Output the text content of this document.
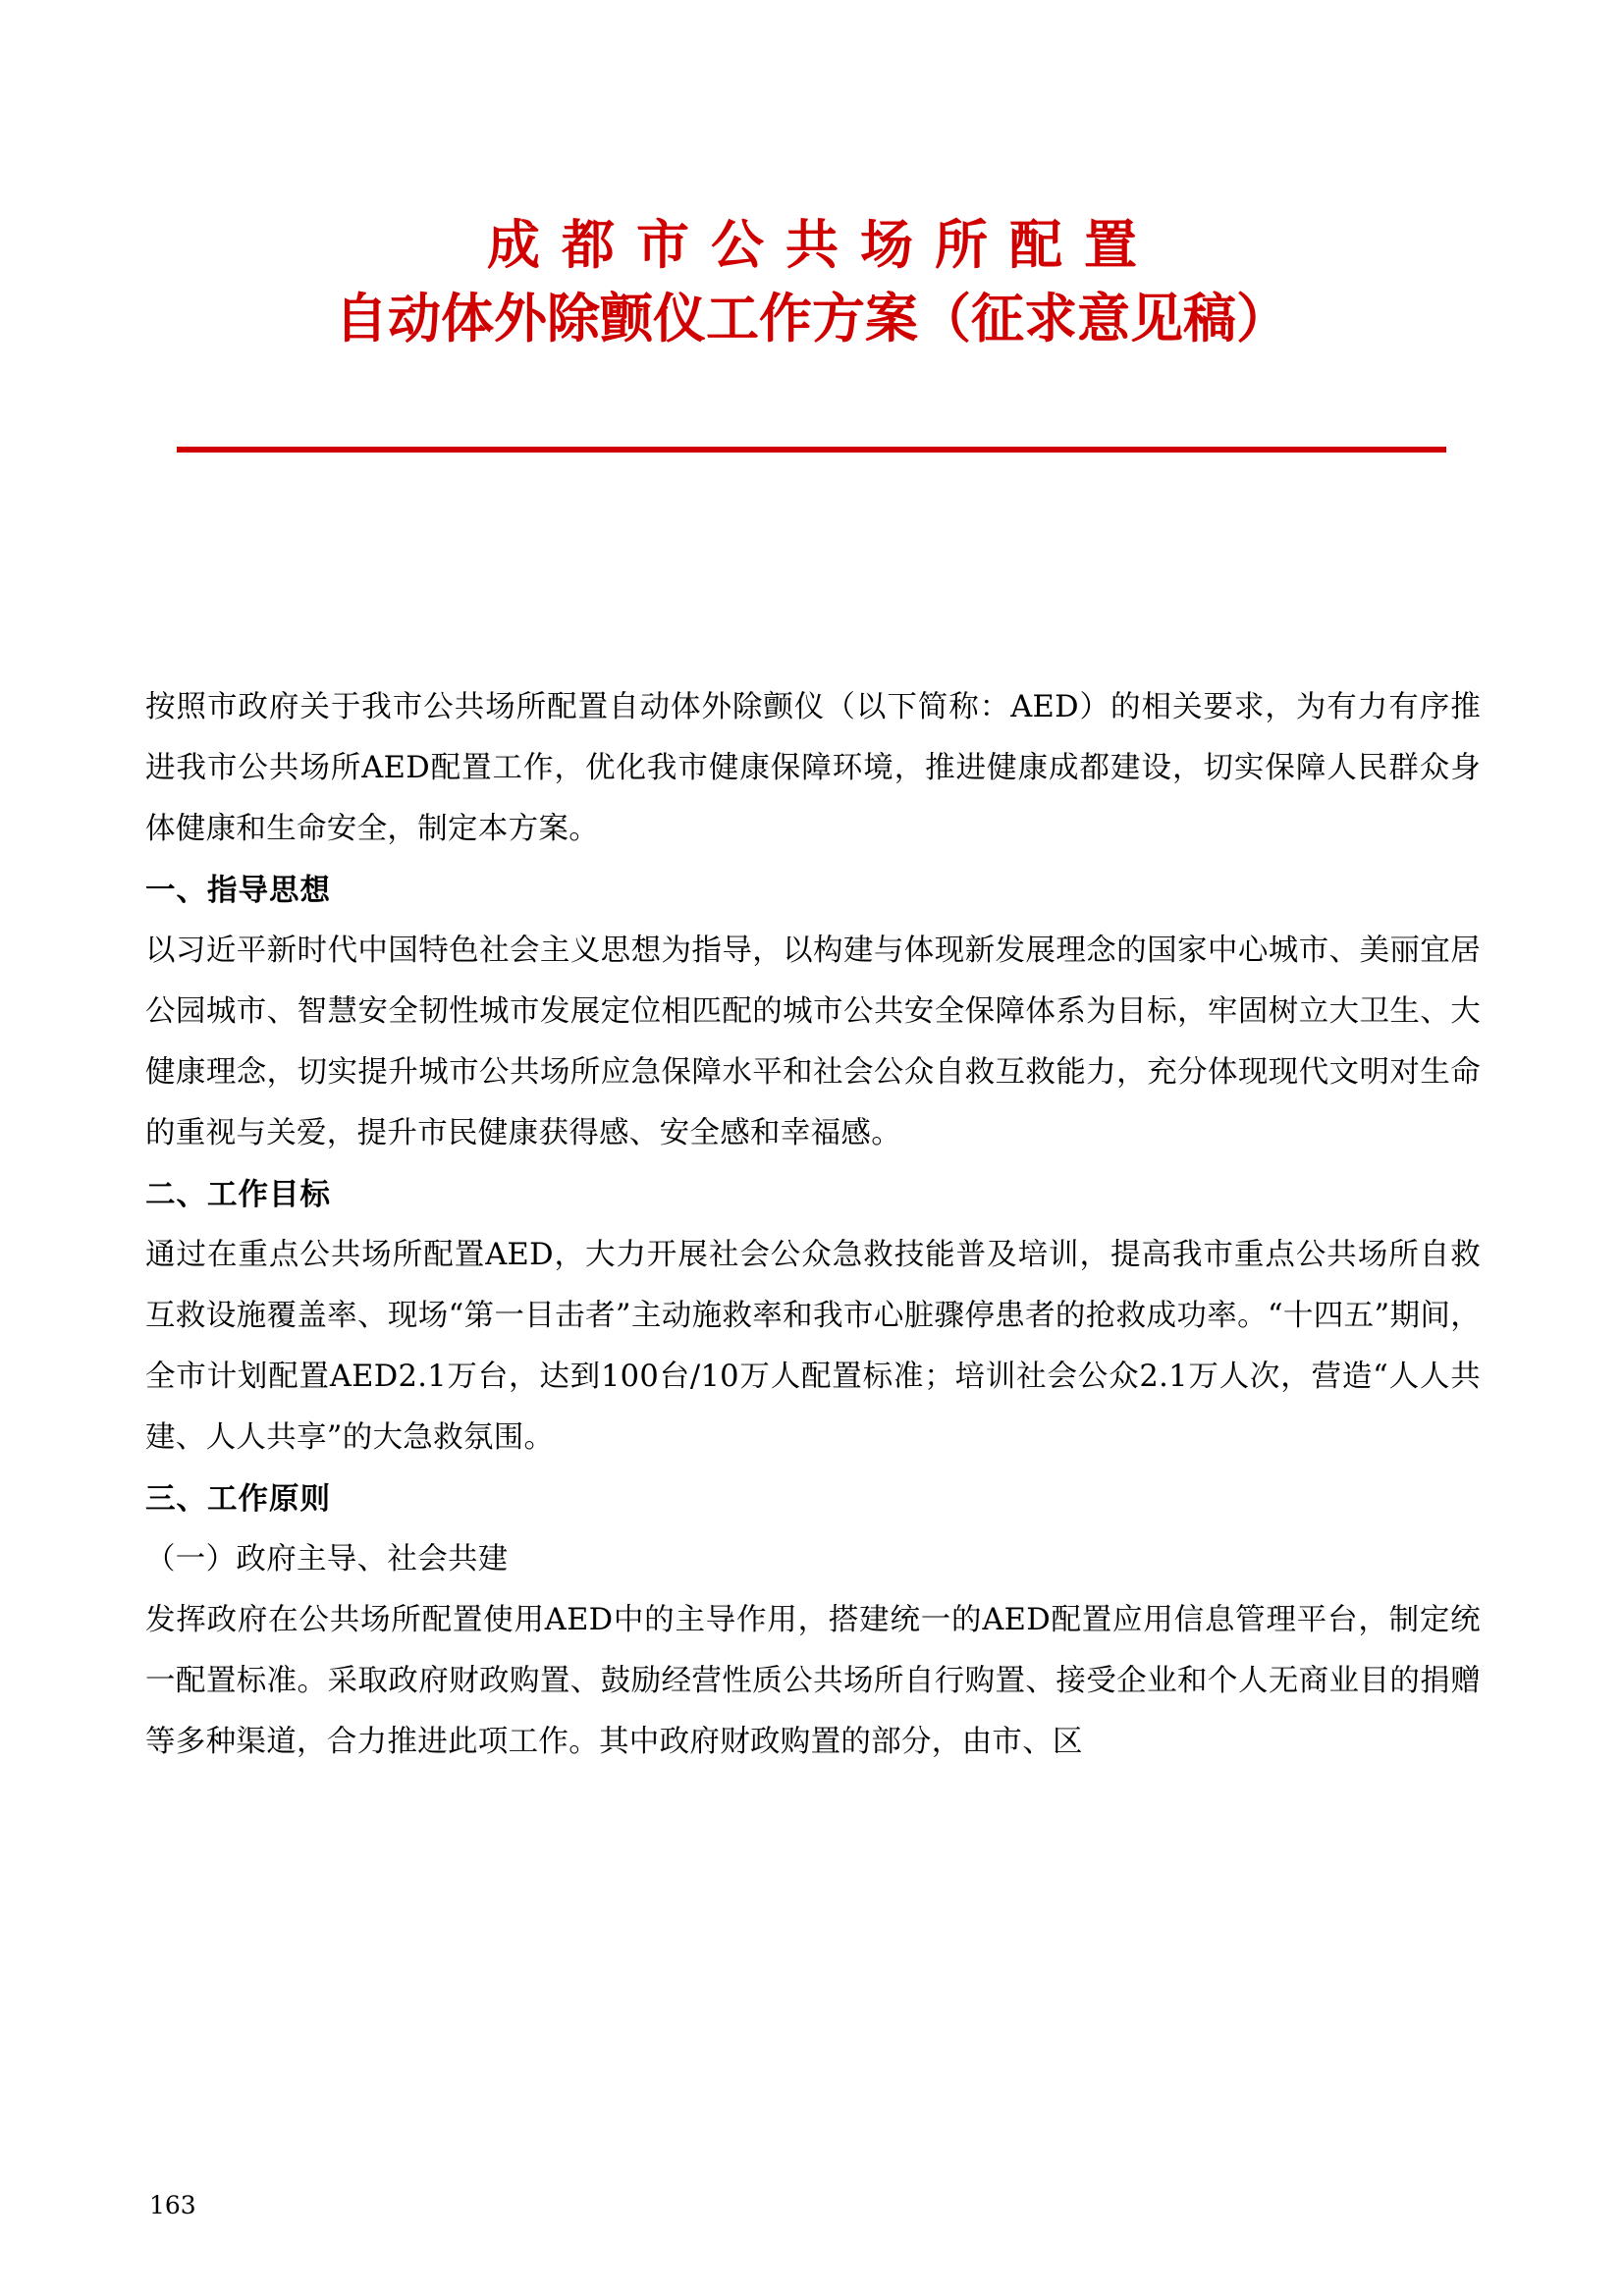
成都市公共场所配置
自动体外除颤仪工作方案（征求意见稿）

按照市政府关于我市公共场所配置自动体外除颤仪（以下简称：AED）的相关要求，为有力有序推进我市公共场所AED配置工作，优化我市健康保障环境，推进健康成都建设，切实保障人民群众身体健康和生命安全，制定本方案。

一、指导思想

以习近平新时代中国特色社会主义思想为指导，以构建与体现新发展理念的国家中心城市、美丽宜居公园城市、智慧安全韧性城市发展定位相匹配的城市公共安全保障体系为目标，牢固树立大卫生、大健康理念，切实提升城市公共场所应急保障水平和社会公众自救互救能力，充分体现现代文明对生命的重视与关爱，提升市民健康获得感、安全感和幸福感。

二、工作目标

通过在重点公共场所配置AED，大力开展社会公众急救技能普及培训，提高我市重点公共场所自救互救设施覆盖率、现场“第一目击者”主动施救率和我市心脏骤停患者的抢救成功率。“十四五”期间，全市计划配置AED2.1万台，达到100台/10万人配置标准；培训社会公众2.1万人次，营造“人人共建、人人共享”的大急救氛围。

三、工作原则

（一）政府主导、社会共建

发挥政府在公共场所配置使用AED中的主导作用，搭建统一的AED配置应用信息管理平台，制定统一配置标准。采取政府财政购置、鼓励经营性质公共场所自行购置、接受企业和个人无商业目的捐赠等多种渠道，合力推进此项工作。其中政府财政购置的部分，由市、区

163
